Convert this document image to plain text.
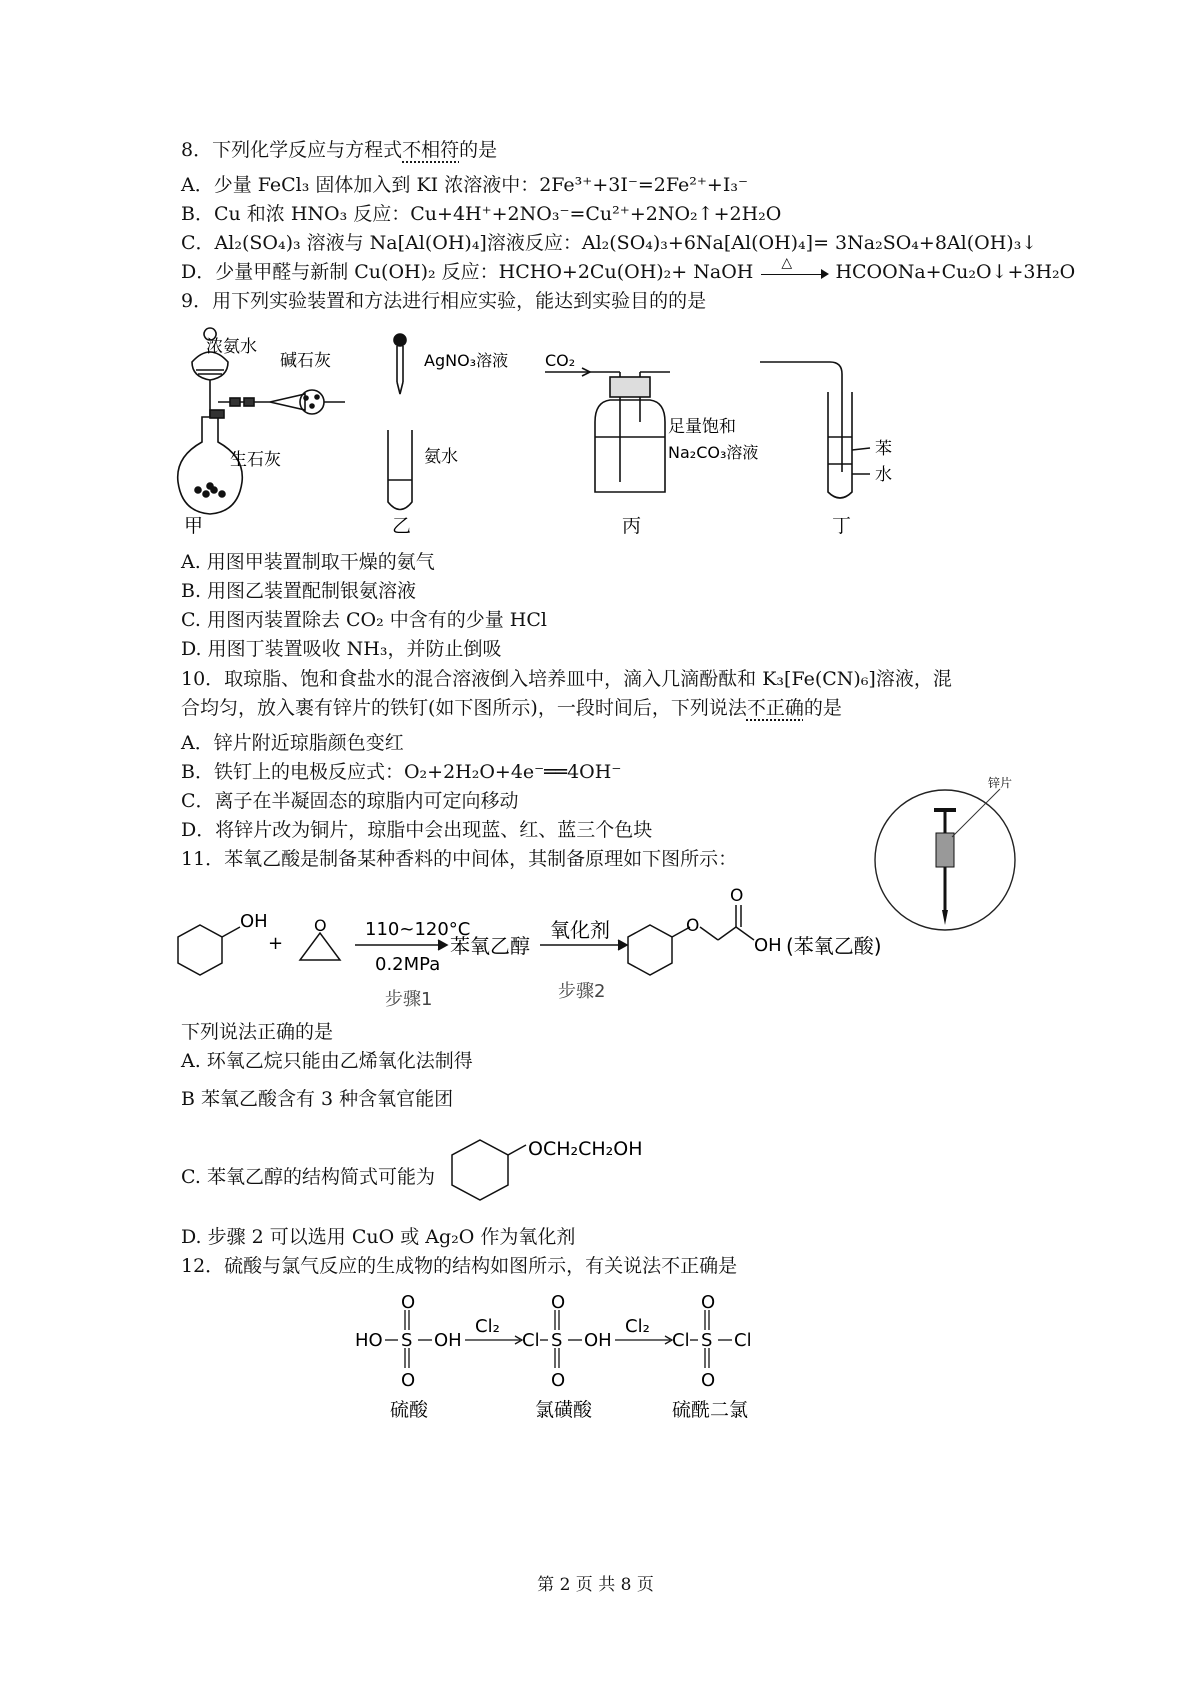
8．下列化学反应与方程式不相符的是
A．少量 FeCl₃ 固体加入到 KI 浓溶液中：2Fe³⁺+3I⁻=2Fe²⁺+I₃⁻
B．Cu 和浓 HNO₃ 反应：Cu+4H⁺+2NO₃⁻=Cu²⁺+2NO₂↑+2H₂O
C．Al₂(SO₄)₃ 溶液与 Na[Al(OH)₄]溶液反应：Al₂(SO₄)₃+6Na[Al(OH)₄]= 3Na₂SO₄+8Al(OH)₃↓
D．少量甲醛与新制 Cu(OH)₂ 反应：HCHO+2Cu(OH)₂+ NaOH △ HCOONa+Cu₂O↓+3H₂O
9．用下列实验装置和方法进行相应实验，能达到实验目的的是
浓氨水
碱石灰
生石灰
AgNO₃溶液
氨水
CO₂
足量饱和
Na₂CO₃溶液	苯
水
甲	乙	丙	丁
A. 用图甲装置制取干燥的氨气
B. 用图乙装置配制银氨溶液
C. 用图丙装置除去 CO₂ 中含有的少量 HCl
D. 用图丁装置吸收 NH₃，并防止倒吸
10．取琼脂、饱和食盐水的混合溶液倒入培养皿中，滴入几滴酚酞和 K₃[Fe(CN)₆]溶液，混
合均匀，放入裹有锌片的铁钉(如下图所示)，一段时间后，下列说法不正确的是
A．锌片附近琼脂颜色变红
B．铁钉上的电极反应式：O₂+2H₂O+4e⁻══4OH⁻
C．离子在半凝固态的琼脂内可定向移动
D．将锌片改为铜片，琼脂中会出现蓝、红、蓝三个色块
锌片
11．苯氧乙酸是制备某种香料的中间体，其制备原理如下图所示：
OH
+
O 110~120°C
0.2MPa
步骤1
苯氧乙醇
氧化剂
步骤2
O
O
OH (苯氧乙酸)
下列说法正确的是
A. 环氧乙烷只能由乙烯氧化法制得
B 苯氧乙酸含有 3 种含氧官能团
C. 苯氧乙醇的结构简式可能为
OCH₂CH₂OH
D. 步骤 2 可以选用 CuO 或 Ag₂O 作为氧化剂
12．硫酸与氯气反应的生成物的结构如图所示，有关说法不正确是
O
HO S OH
O
Cl₂
O
Cl S OH
O
Cl₂
O
Cl S Cl
O
硫酸	氯磺酸	硫酰二氯
第 2 页 共 8 页
